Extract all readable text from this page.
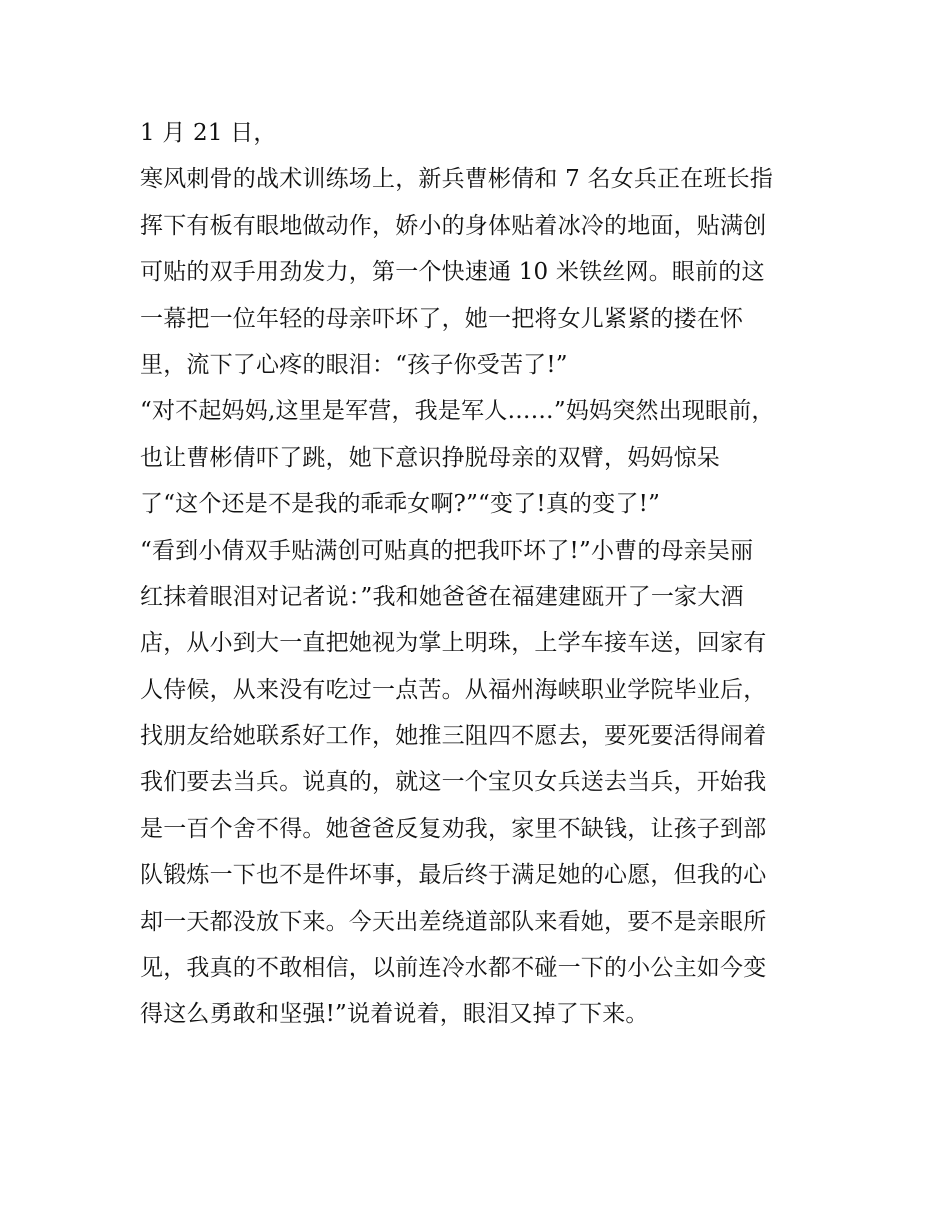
1 月 21 日，
寒风刺骨的战术训练场上，新兵曹彬倩和 7 名女兵正在班长指
挥下有板有眼地做动作，娇小的身体贴着冰冷的地面，贴满创
可贴的双手用劲发力，第一个快速通 10 米铁丝网。眼前的这
一幕把一位年轻的母亲吓坏了，她一把将女儿紧紧的搂在怀
里，流下了心疼的眼泪：“孩子你受苦了!”
“对不起妈妈,这里是军营，我是军人……”妈妈突然出现眼前，
也让曹彬倩吓了跳，她下意识挣脱母亲的双臂，妈妈惊呆
了“这个还是不是我的乖乖女啊?”“变了!真的变了!”
“看到小倩双手贴满创可贴真的把我吓坏了!”小曹的母亲吴丽
红抹着眼泪对记者说：”我和她爸爸在福建建瓯开了一家大酒
店，从小到大一直把她视为掌上明珠，上学车接车送，回家有
人侍候，从来没有吃过一点苦。从福州海峡职业学院毕业后，
找朋友给她联系好工作，她推三阻四不愿去，要死要活得闹着
我们要去当兵。说真的，就这一个宝贝女兵送去当兵，开始我
是一百个舍不得。她爸爸反复劝我，家里不缺钱，让孩子到部
队锻炼一下也不是件坏事，最后终于满足她的心愿，但我的心
却一天都没放下来。今天出差绕道部队来看她，要不是亲眼所
见，我真的不敢相信，以前连冷水都不碰一下的小公主如今变
得这么勇敢和坚强!”说着说着，眼泪又掉了下来。
